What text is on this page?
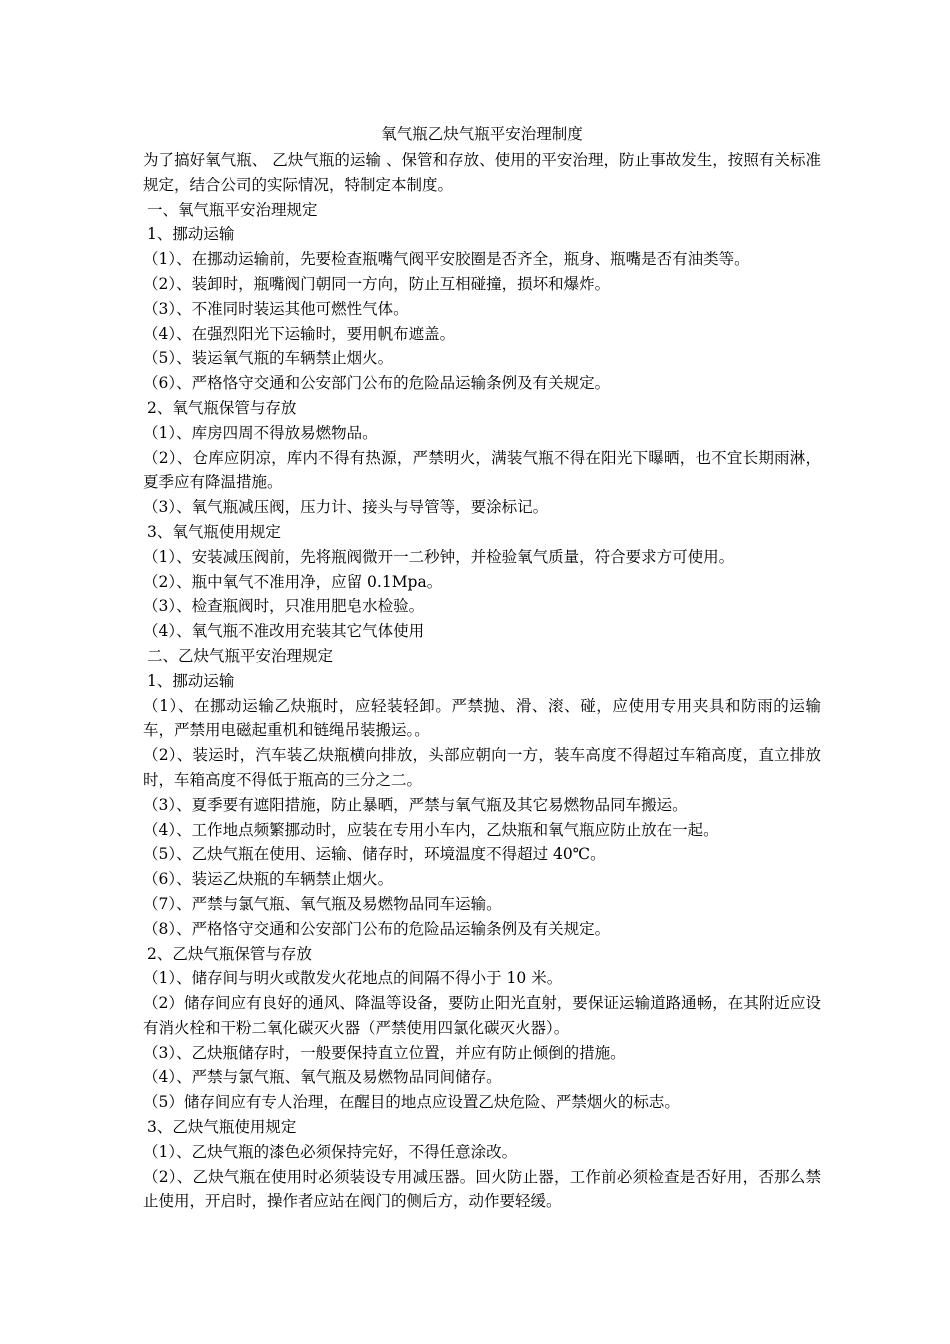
氧气瓶乙炔气瓶平安治理制度
为了搞好氧气瓶、 乙炔气瓶的运输 、保管和存放、使用的平安治理，防止事故发生，按照有关标准规定，结合公司的实际情况，特制定本制度。
一、氧气瓶平安治理规定
1、挪动运输
（1）、在挪动运输前，先要检查瓶嘴气阀平安胶圈是否齐全，瓶身、瓶嘴是否有油类等。
（2）、装卸时，瓶嘴阀门朝同一方向，防止互相碰撞，损坏和爆炸。
（3）、不准同时装运其他可燃性气体。
（4）、在强烈阳光下运输时，要用帆布遮盖。
（5）、装运氧气瓶的车辆禁止烟火。
（6）、严格恪守交通和公安部门公布的危险品运输条例及有关规定。
2、氧气瓶保管与存放
（1）、库房四周不得放易燃物品。
（2）、仓库应阴凉，库内不得有热源，严禁明火，满装气瓶不得在阳光下曝晒，也不宜长期雨淋，夏季应有降温措施。
（3）、氧气瓶减压阀，压力计、接头与导管等，要涂标记。
3、氧气瓶使用规定
（1）、安装减压阀前，先将瓶阀微开一二秒钟，并检验氧气质量，符合要求方可使用。
（2）、瓶中氧气不准用净，应留 0.1Mpa。
（3）、检查瓶阀时，只准用肥皂水检验。
（4）、氧气瓶不准改用充装其它气体使用
二、乙炔气瓶平安治理规定
1、挪动运输
（1）、在挪动运输乙炔瓶时，应轻装轻卸。严禁抛、滑、滚、碰，应使用专用夹具和防雨的运输车，严禁用电磁起重机和链绳吊装搬运。。
（2）、装运时，汽车装乙炔瓶横向排放，头部应朝向一方，装车高度不得超过车箱高度，直立排放时，车箱高度不得低于瓶高的三分之二。
（3）、夏季要有遮阳措施，防止暴晒，严禁与氧气瓶及其它易燃物品同车搬运。
（4）、工作地点频繁挪动时，应装在专用小车内，乙炔瓶和氧气瓶应防止放在一起。
（5）、乙炔气瓶在使用、运输、储存时，环境温度不得超过 40℃。
（6）、装运乙炔瓶的车辆禁止烟火。
（7）、严禁与氯气瓶、氧气瓶及易燃物品同车运输。
（8）、严格恪守交通和公安部门公布的危险品运输条例及有关规定。
2、乙炔气瓶保管与存放
（1）、储存间与明火或散发火花地点的间隔不得小于 10 米。
（2）储存间应有良好的通风、降温等设备，要防止阳光直射，要保证运输道路通畅，在其附近应设有消火栓和干粉二氧化碳灭火器（严禁使用四氯化碳灭火器）。
（3）、乙炔瓶储存时，一般要保持直立位置，并应有防止倾倒的措施。
（4）、严禁与氯气瓶、氧气瓶及易燃物品同间储存。
（5）储存间应有专人治理，在醒目的地点应设置乙炔危险、严禁烟火的标志。
3、乙炔气瓶使用规定
（1）、乙炔气瓶的漆色必须保持完好，不得任意涂改。
（2）、乙炔气瓶在使用时必须装设专用减压器。回火防止器，工作前必须检查是否好用，否那么禁止使用，开启时，操作者应站在阀门的侧后方，动作要轻缓。
